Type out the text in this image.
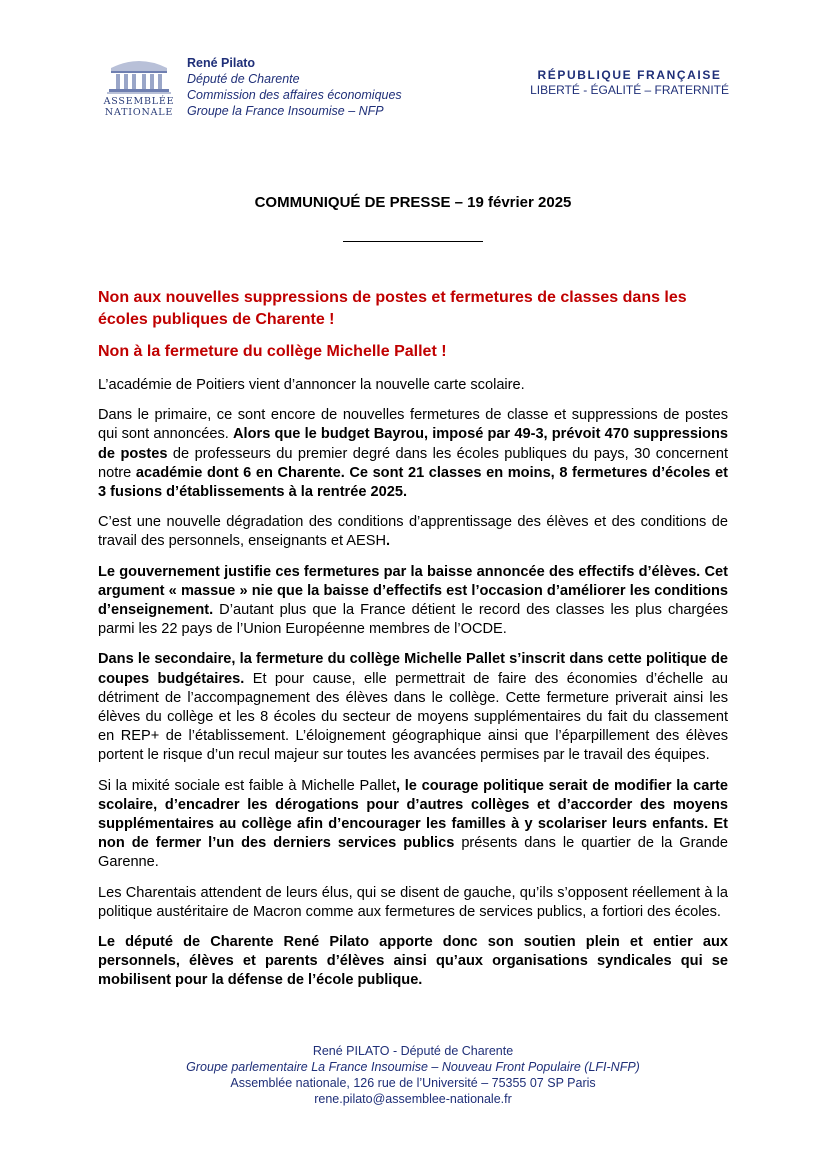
ASSEMBLÉE
NATIONALE
René Pilato
Député de Charente
Commission des affaires économiques
Groupe la France Insoumise – NFP
RÉPUBLIQUE FRANÇAISE
LIBERTÉ - ÉGALITÉ – FRATERNITÉ
COMMUNIQUÉ DE PRESSE – 19 février 2025
Non aux nouvelles suppressions de postes et fermetures de classes dans les écoles publiques de Charente !
Non à la fermeture du collège Michelle Pallet !

L’académie de Poitiers vient d’annoncer la nouvelle carte scolaire.

Dans le primaire, ce sont encore de nouvelles fermetures de classe et suppressions de postes qui sont annoncées. Alors que le budget Bayrou, imposé par 49-3, prévoit 470 suppressions de postes de professeurs du premier degré dans les écoles publiques du pays, 30 concernent notre académie dont 6 en Charente. Ce sont 21 classes en moins, 8 fermetures d’écoles et 3 fusions d’établissements à la rentrée 2025.

C’est une nouvelle dégradation des conditions d’apprentissage des élèves et des conditions de travail des personnels, enseignants et AESH.

Le gouvernement justifie ces fermetures par la baisse annoncée des effectifs d’élèves. Cet argument « massue » nie que la baisse d’effectifs est l’occasion d’améliorer les conditions d’enseignement. D’autant plus que la France détient le record des classes les plus chargées parmi les 22 pays de l’Union Européenne membres de l’OCDE.

Dans le secondaire, la fermeture du collège Michelle Pallet s’inscrit dans cette politique de coupes budgétaires. Et pour cause, elle permettrait de faire des économies d’échelle au détriment de l’accompagnement des élèves dans le collège. Cette fermeture priverait ainsi les élèves du collège et les 8 écoles du secteur de moyens supplémentaires du fait du classement en REP+ de l’établissement. L’éloignement géographique ainsi que l’éparpillement des élèves portent le risque d’un recul majeur sur toutes les avancées permises par le travail des équipes.

Si la mixité sociale est faible à Michelle Pallet, le courage politique serait de modifier la carte scolaire, d’encadrer les dérogations pour d’autres collèges et d’accorder des moyens supplémentaires au collège afin d’encourager les familles à y scolariser leurs enfants. Et non de fermer l’un des derniers services publics présents dans le quartier de la Grande Garenne.

Les Charentais attendent de leurs élus, qui se disent de gauche, qu’ils s’opposent réellement à la politique austéritaire de Macron comme aux fermetures de services publics, a fortiori des écoles.

Le député de Charente René Pilato apporte donc son soutien plein et entier aux personnels, élèves et parents d’élèves ainsi qu’aux organisations syndicales qui se mobilisent pour la défense de l’école publique.

René PILATO - Député de Charente
Groupe parlementaire La France Insoumise – Nouveau Front Populaire (LFI-NFP)
Assemblée nationale, 126 rue de l’Université – 75355 07 SP Paris
rene.pilato@assemblee-nationale.fr
